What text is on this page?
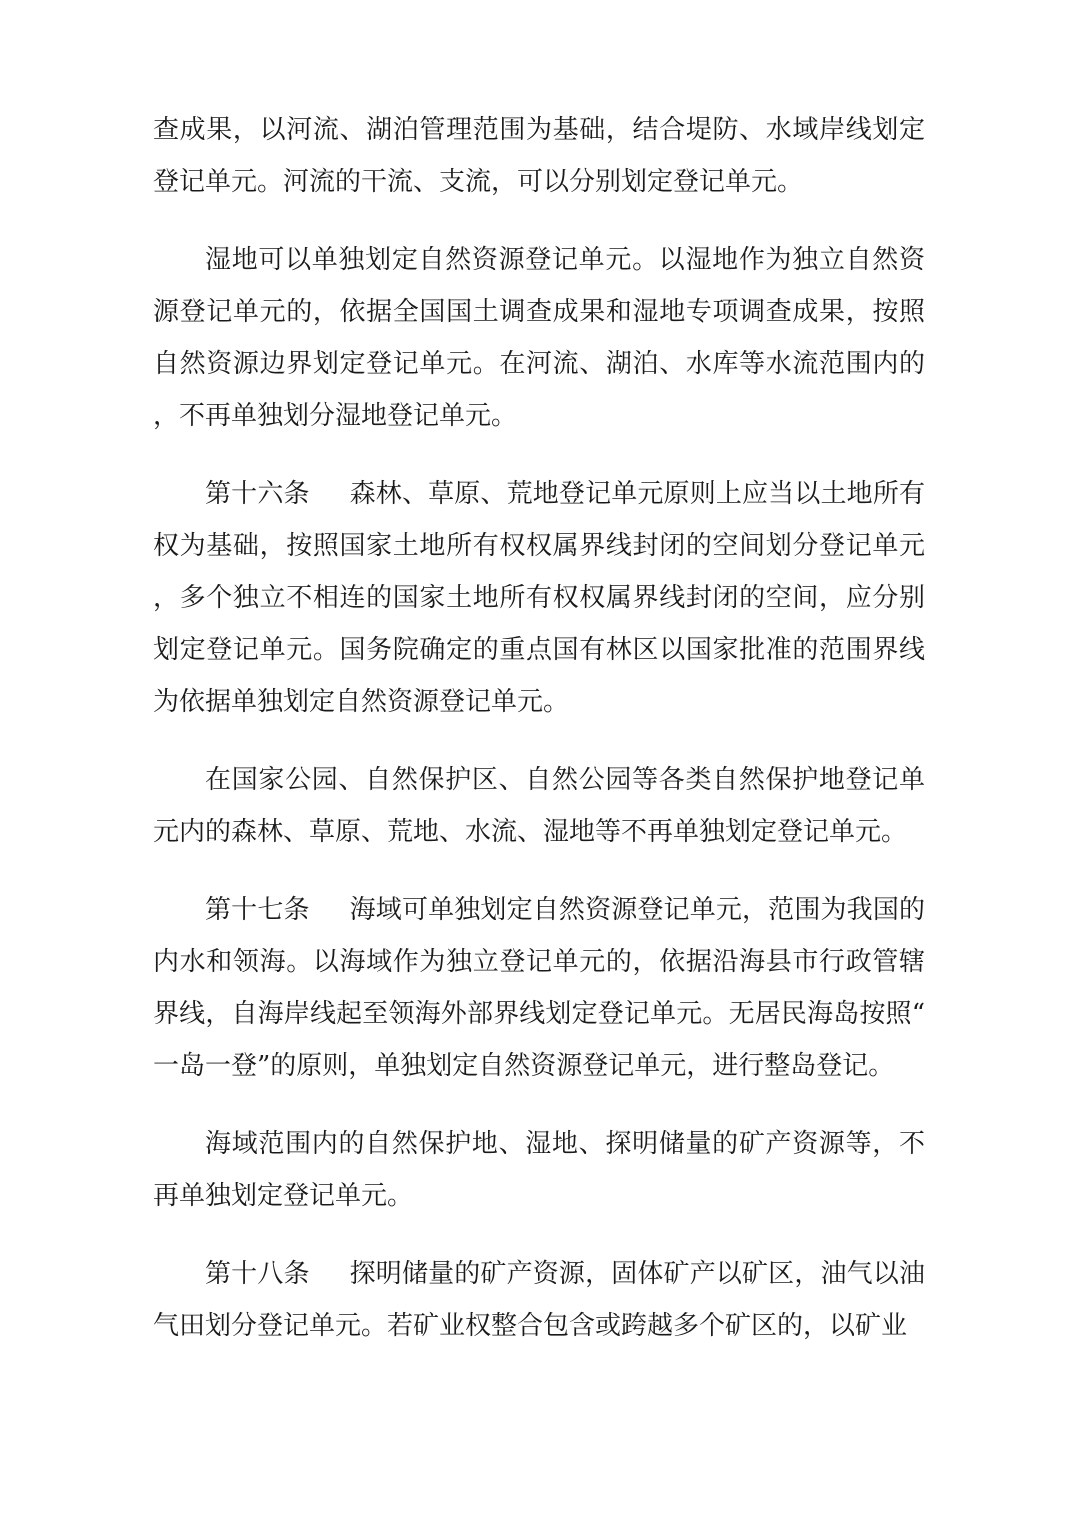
查成果，以河流、湖泊管理范围为基础，结合堤防、水域岸线划定登记单元。河流的干流、支流，可以分别划定登记单元。

湿地可以单独划定自然资源登记单元。以湿地作为独立自然资源登记单元的，依据全国国土调查成果和湿地专项调查成果，按照自然资源边界划定登记单元。在河流、湖泊、水库等水流范围内的，不再单独划分湿地登记单元。

第十六条 森林、草原、荒地登记单元原则上应当以土地所有权为基础，按照国家土地所有权权属界线封闭的空间划分登记单元，多个独立不相连的国家土地所有权权属界线封闭的空间，应分别划定登记单元。国务院确定的重点国有林区以国家批准的范围界线为依据单独划定自然资源登记单元。

在国家公园、自然保护区、自然公园等各类自然保护地登记单元内的森林、草原、荒地、水流、湿地等不再单独划定登记单元。

第十七条 海域可单独划定自然资源登记单元，范围为我国的内水和领海。以海域作为独立登记单元的，依据沿海县市行政管辖界线，自海岸线起至领海外部界线划定登记单元。无居民海岛按照“一岛一登”的原则，单独划定自然资源登记单元，进行整岛登记。

海域范围内的自然保护地、湿地、探明储量的矿产资源等，不再单独划定登记单元。

第十八条 探明储量的矿产资源，固体矿产以矿区，油气以油气田划分登记单元。若矿业权整合包含或跨越多个矿区的，以矿业
